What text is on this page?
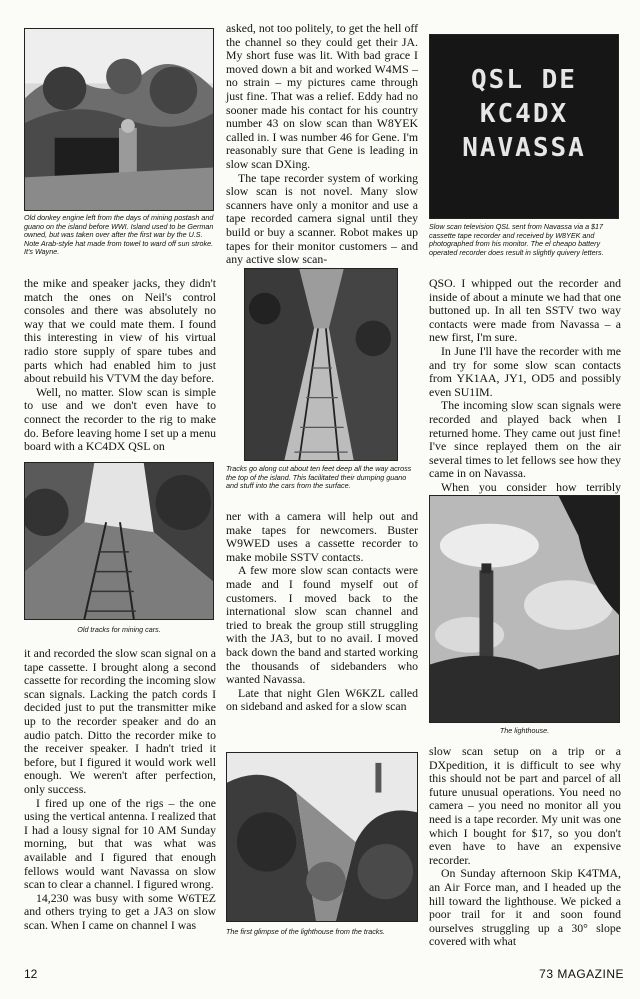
Old donkey engine left from the days of mining postash and guano on the island before WWI. Island used to be German owned, but was taken over after the first war by the U.S. Note Arab-style hat made from towel to ward off sun stroke. It's Wayne.

the mike and speaker jacks, they didn't match the ones on Neil's control consoles and there was absolutely no way that we could mate them. I found this interesting in view of his virtual radio store supply of spare tubes and parts which had enabled him to just about rebuild his VTVM the day before.

Well, no matter. Slow scan is simple to use and we don't even have to connect the recorder to the rig to make do. Before leaving home I set up a menu board with a KC4DX QSL on

Old tracks for mining cars.

it and recorded the slow scan signal on a tape cassette. I brought along a second cassette for recording the incoming slow scan signals. Lacking the patch cords I decided just to put the transmitter mike up to the recorder speaker and do an audio patch. Ditto the recorder mike to the receiver speaker. I hadn't tried it before, but I figured it would work well enough. We weren't after perfection, only success.

I fired up one of the rigs – the one using the vertical antenna. I realized that I had a lousy signal for 10 AM Sunday morning, but that was what was available and I figured that enough fellows would want Navassa on slow scan to clear a channel. I figured wrong.

14,230 was busy with some W6TEZ and others trying to get a JA3 on slow scan. When I came on channel I was

asked, not too politely, to get the hell off the channel so they could get their JA. My short fuse was lit. With bad grace I moved down a bit and worked W4MS – no strain – my pictures came through just fine. That was a relief. Eddy had no sooner made his contact for his country number 43 on slow scan than W8YEK called in. I was number 46 for Gene. I'm reasonably sure that Gene is leading in slow scan DXing.

The tape recorder system of working slow scan is not novel. Many slow scanners have only a monitor and use a tape recorded camera signal until they build or buy a scanner. Robot makes up tapes for their monitor customers – and any active slow scan-

Tracks go along cut about ten feet deep all the way across the top of the island. This facilitated their dumping guano and stuff into the cars from the surface.

ner with a camera will help out and make tapes for newcomers. Buster W9WED uses a cassette recorder to make mobile SSTV contacts.

A few more slow scan contacts were made and I found myself out of customers. I moved back to the international slow scan channel and tried to break the group still struggling with the JA3, but to no avail. I moved back down the band and started working the thousands of sidebanders who wanted Navassa.

Late that night Glen W6KZL called on sideband and asked for a slow scan

The first glimpse of the lighthouse from the tracks.
QSL DE
KC4DX
NAVASSA
Slow scan television QSL sent from Navassa via a $17 cassette tape recorder and received by W8YEK and photographed from his monitor. The el cheapo battery operated recorder does result in slightly quivery letters.

QSO. I whipped out the recorder and inside of about a minute we had that one buttoned up. In all ten SSTV two way contacts were made from Navassa – a new first, I'm sure.

In June I'll have the recorder with me and try for some slow scan contacts from YK1AA, JY1, OD5 and possibly even SU1IM.

The incoming slow scan signals were recorded and played back when I returned home. They came out just fine! I've since replayed them on the air several times to let fellows see how they came in on Navassa.

When you consider how terribly

The lighthouse.

slow scan setup on a trip or a DXpedition, it is difficult to see why this should not be part and parcel of all future unusual operations. You need no camera – you need no monitor all you need is a tape recorder. My unit was one which I bought for $17, so you don't even have to have an expensive recorder.

On Sunday afternoon Skip K4TMA, an Air Force man, and I headed up the hill toward the lighthouse. We picked a poor trail for it and soon found ourselves struggling up a 30° slope covered with what

12	73 MAGAZINE
